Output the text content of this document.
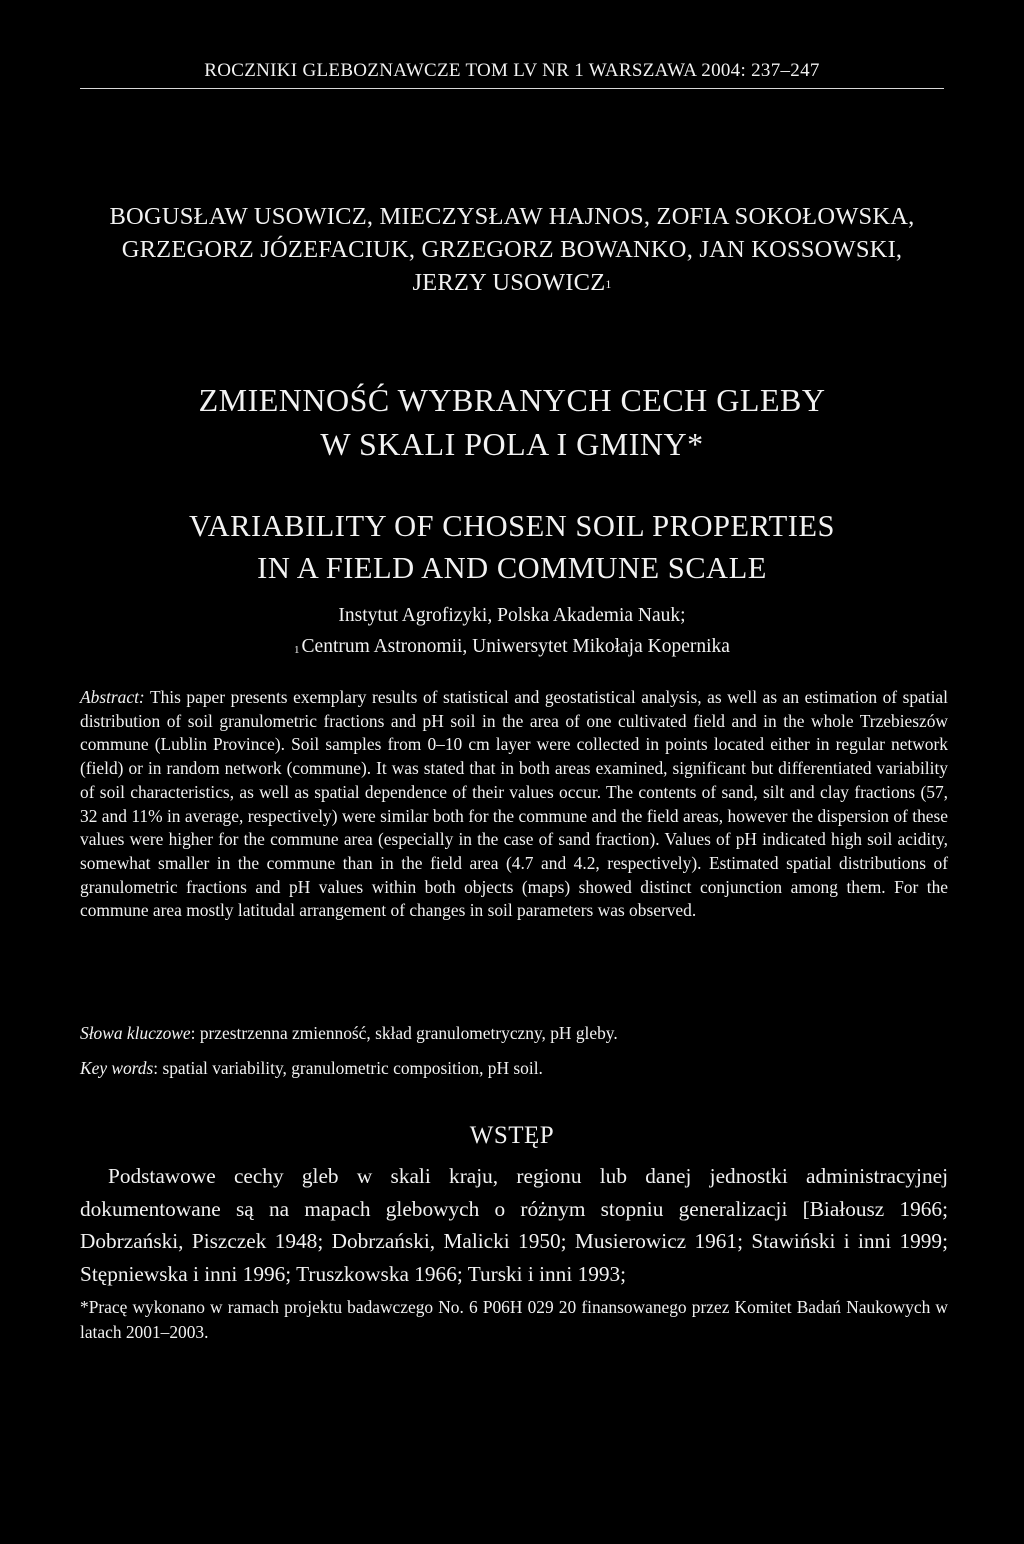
ROCZNIKI GLEBOZNAWCZE TOM LV NR 1 WARSZAWA 2004: 237–247
BOGUSŁAW USOWICZ, MIECZYSŁAW HAJNOS, ZOFIA SOKOŁOWSKA,
GRZEGORZ JÓZEFACIUK, GRZEGORZ BOWANKO, JAN KOSSOWSKI,
JERZY USOWICZ$^1$
ZMIENNOŚĆ WYBRANYCH CECH GLEBY
W SKALI POLA I GMINY*
VARIABILITY OF CHOSEN SOIL PROPERTIES
IN A FIELD AND COMMUNE SCALE
Instytut Agrofizyki, Polska Akademia Nauk;
$^1$ Centrum Astronomii, Uniwersytet Mikołaja Kopernika

Abstract: This paper presents exemplary results of statistical and geostatistical analysis, as well as an estimation of spatial distribution of soil granulometric fractions and pH soil in the area of one cultivated field and in the whole Trzebieszów commune (Lublin Province). Soil samples from 0–10 cm layer were collected in points located either in regular network (field) or in random network (commune). It was stated that in both areas examined, significant but differentiated variability of soil characteristics, as well as spatial dependence of their values occur. The contents of sand, silt and clay fractions (57, 32 and 11% in average, respectively) were similar both for the commune and the field areas, however the dispersion of these values were higher for the commune area (especially in the case of sand fraction). Values of pH indicated high soil acidity, somewhat smaller in the commune than in the field area (4.7 and 4.2, respectively). Estimated spatial distributions of granulometric fractions and pH values within both objects (maps) showed distinct conjunction among them. For the commune area mostly latitudal arrangement of changes in soil parameters was observed.

Słowa kluczowe: przestrzenna zmienność, skład granulometryczny, pH gleby.

Key words: spatial variability, granulometric composition, pH soil.

WSTĘP

Podstawowe cechy gleb w skali kraju, regionu lub danej jednostki administracyjnej dokumentowane są na mapach glebowych o różnym stopniu generalizacji [Białousz 1966; Dobrzański, Piszczek 1948; Dobrzański, Malicki 1950; Musierowicz 1961; Stawiński i inni 1999; Stępniewska i inni 1996; Truszkowska 1966; Turski i inni 1993;

*Pracę wykonano w ramach projektu badawczego No. 6 P06H 029 20 finansowanego przez Komitet Badań Naukowych w latach 2001–2003.
